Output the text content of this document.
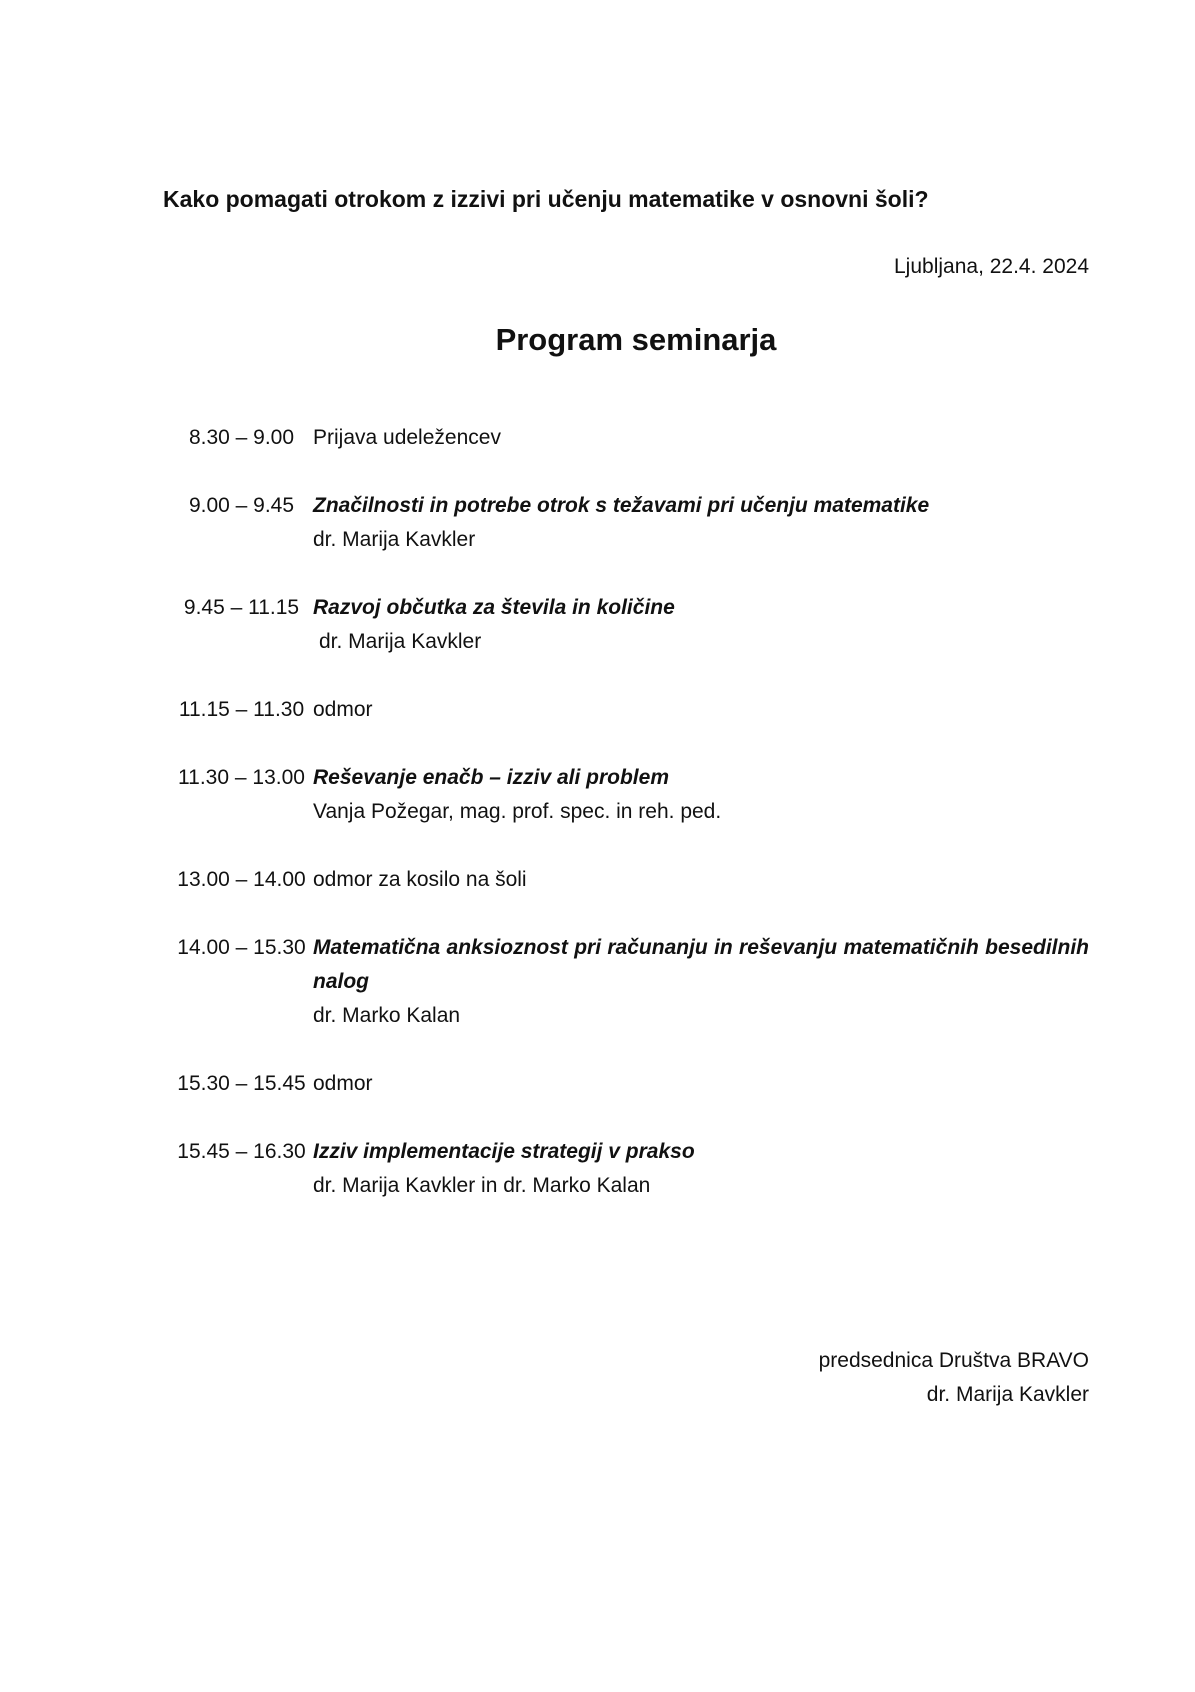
Kako pomagati otrokom z izzivi pri učenju matematike v osnovni šoli?
Ljubljana, 22.4. 2024
Program seminarja
8.30 – 9.00 Prijava udeležencev
9.00 – 9.45 Značilnosti in potrebe otrok s težavami pri učenju matematike
dr. Marija Kavkler
9.45 – 11.15 Razvoj občutka za števila in količine
dr. Marija Kavkler
11.15 – 11.30 odmor
11.30 – 13.00 Reševanje enačb – izziv ali problem
Vanja Požegar, mag. prof. spec. in reh. ped.
13.00 – 14.00 odmor za kosilo na šoli
14.00 – 15.30 Matematična anksioznost pri računanju in reševanju matematičnih besedilnih nalog
dr. Marko Kalan
15.30 – 15.45 odmor
15.45 – 16.30 Izziv implementacije strategij v prakso
dr. Marija Kavkler in dr. Marko Kalan
predsednica Društva BRAVO
dr. Marija Kavkler
